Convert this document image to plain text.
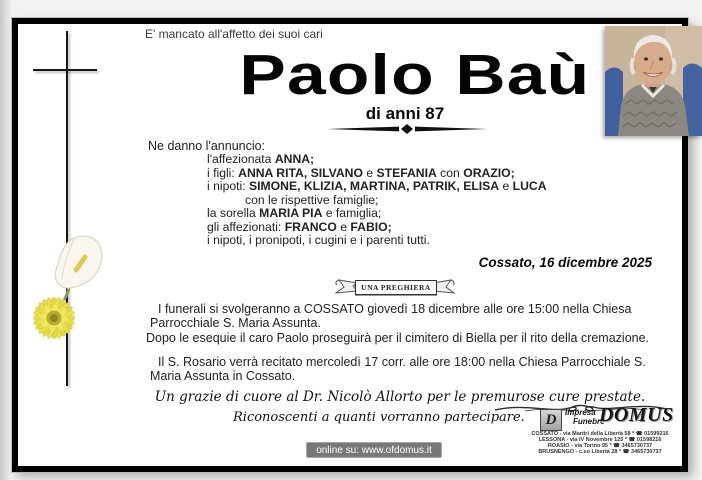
E' mancato all'affetto dei suoi cari
Paolo Baù
di anni 87
Ne danno l'annuncio:
l'affezionata ANNA;
i figli: ANNA RITA, SILVANO e STEFANIA con ORAZIO;
i nipoti: SIMONE, KLIZIA, MARTINA, PATRIK, ELISA e LUCA
con le rispettive famiglie;
la sorella MARIA PIA e famiglia;
gli affezionati: FRANCO e FABIO;
i nipoti, i pronipoti, i cugini e i parenti tutti.
Cossato, 16 dicembre 2025
UNA PREGHIERA
I funerali si svolgeranno a COSSATO giovedì 18 dicembre alle ore 15:00 nella Chiesa Parrocchiale S. Maria Assunta.
Dopo le esequie il caro Paolo proseguirà per il cimitero di Biella per il rito della cremazione.
Il S. Rosario verrà recitato mercoledì 17 corr. alle ore 18:00 nella Chiesa Parrocchiale S. Maria Assunta in Cossato.
Un grazie di cuore al Dr. Nicolò Allorto per le premurose cure prestate.
Riconoscenti a quanti vorranno partecipare.	D	Impresa
Funebre
DOMUS
COSSATO - via Martiri della Libertà 58 * ☎ 01599216
LESSONA - via IV Novembre 125 * ☎ 01598216
ROASIO - via Torino 95 * ☎ 3465730737
BRUSNENGO - c.so Libertà 28 * ☎ 3465730737
online su: www.ofdomus.it
